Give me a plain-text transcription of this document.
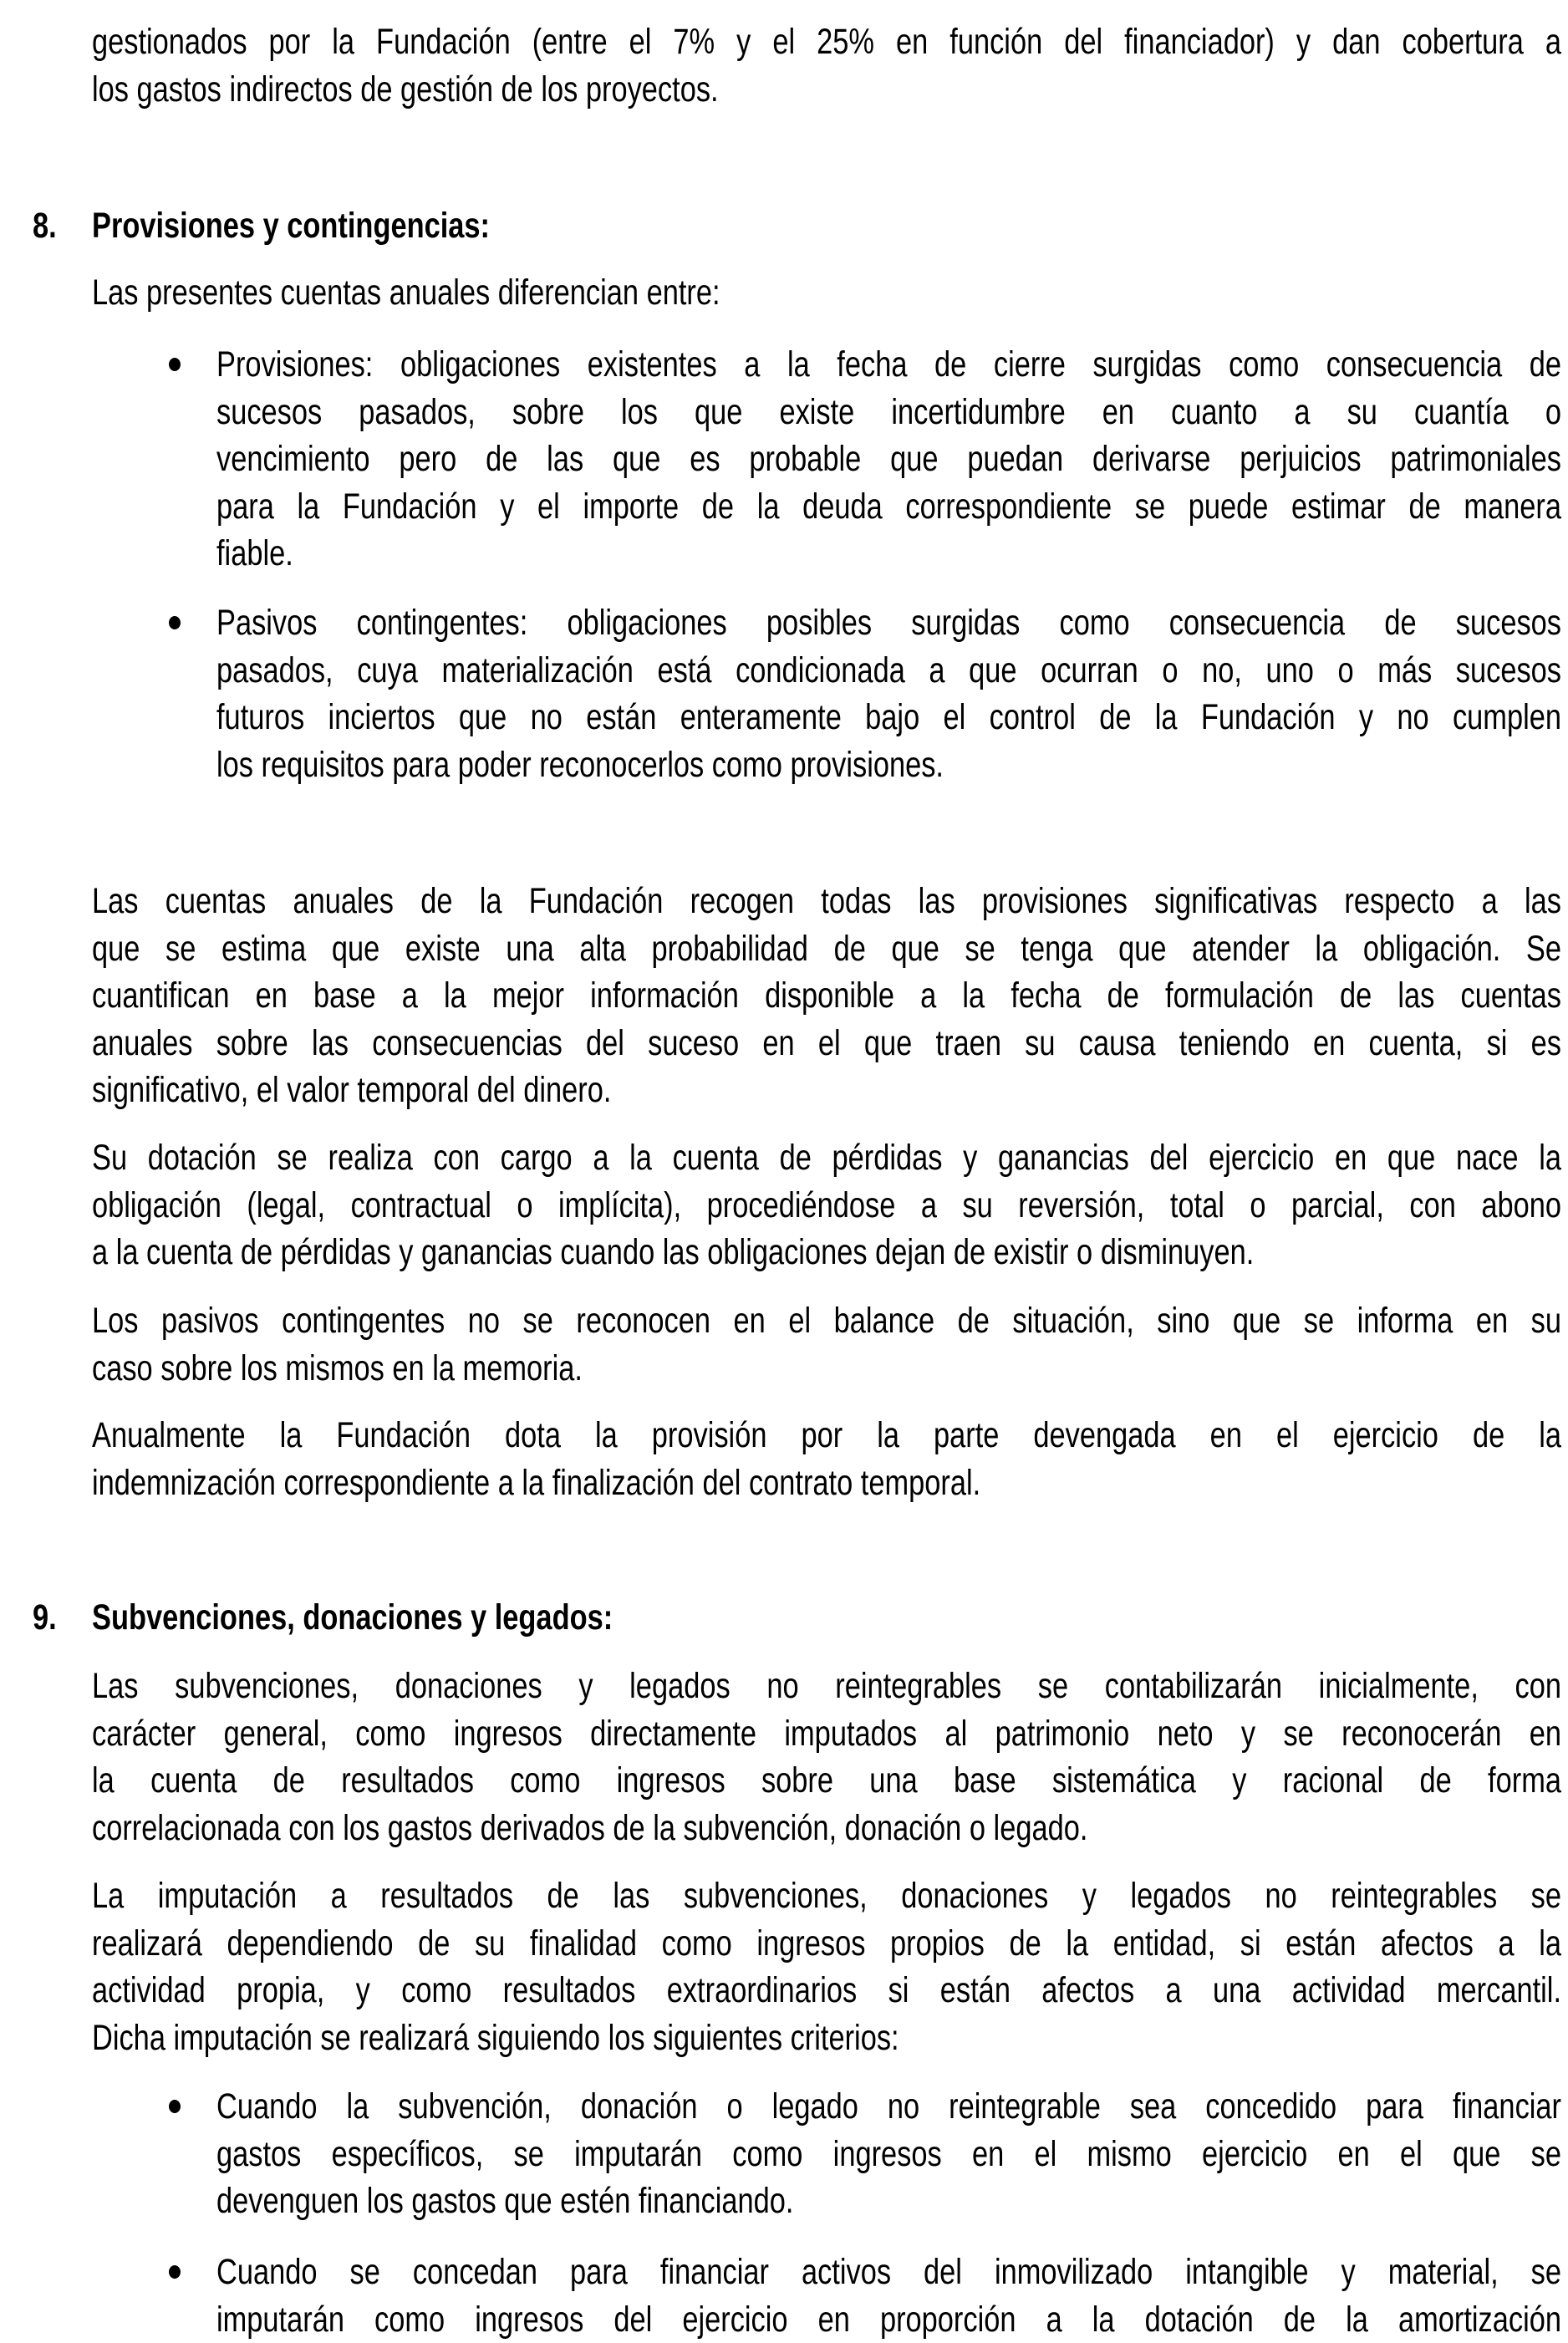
gestionados por la Fundación (entre el 7% y el 25% en función del financiador) y dan cobertura a
los gastos indirectos de gestión de los proyectos.
8. Provisiones y contingencias:
Las presentes cuentas anuales diferencian entre:
Provisiones: obligaciones existentes a la fecha de cierre surgidas como consecuencia de
sucesos pasados, sobre los que existe incertidumbre en cuanto a su cuantía o
vencimiento pero de las que es probable que puedan derivarse perjuicios patrimoniales
para la Fundación y el importe de la deuda correspondiente se puede estimar de manera
fiable.
Pasivos contingentes: obligaciones posibles surgidas como consecuencia de sucesos
pasados, cuya materialización está condicionada a que ocurran o no, uno o más sucesos
futuros inciertos que no están enteramente bajo el control de la Fundación y no cumplen
los requisitos para poder reconocerlos como provisiones.
Las cuentas anuales de la Fundación recogen todas las provisiones significativas respecto a las
que se estima que existe una alta probabilidad de que se tenga que atender la obligación. Se
cuantifican en base a la mejor información disponible a la fecha de formulación de las cuentas
anuales sobre las consecuencias del suceso en el que traen su causa teniendo en cuenta, si es
significativo, el valor temporal del dinero.
Su dotación se realiza con cargo a la cuenta de pérdidas y ganancias del ejercicio en que nace la
obligación (legal, contractual o implícita), procediéndose a su reversión, total o parcial, con abono
a la cuenta de pérdidas y ganancias cuando las obligaciones dejan de existir o disminuyen.
Los pasivos contingentes no se reconocen en el balance de situación, sino que se informa en su
caso sobre los mismos en la memoria.
Anualmente la Fundación dota la provisión por la parte devengada en el ejercicio de la
indemnización correspondiente a la finalización del contrato temporal.
9. Subvenciones, donaciones y legados:
Las subvenciones, donaciones y legados no reintegrables se contabilizarán inicialmente, con
carácter general, como ingresos directamente imputados al patrimonio neto y se reconocerán en
la cuenta de resultados como ingresos sobre una base sistemática y racional de forma
correlacionada con los gastos derivados de la subvención, donación o legado.
La imputación a resultados de las subvenciones, donaciones y legados no reintegrables se
realizará dependiendo de su finalidad como ingresos propios de la entidad, si están afectos a la
actividad propia, y como resultados extraordinarios si están afectos a una actividad mercantil.
Dicha imputación se realizará siguiendo los siguientes criterios:
Cuando la subvención, donación o legado no reintegrable sea concedido para financiar
gastos específicos, se imputarán como ingresos en el mismo ejercicio en el que se
devenguen los gastos que estén financiando.
Cuando se concedan para financiar activos del inmovilizado intangible y material, se
imputarán como ingresos del ejercicio en proporción a la dotación de la amortización
